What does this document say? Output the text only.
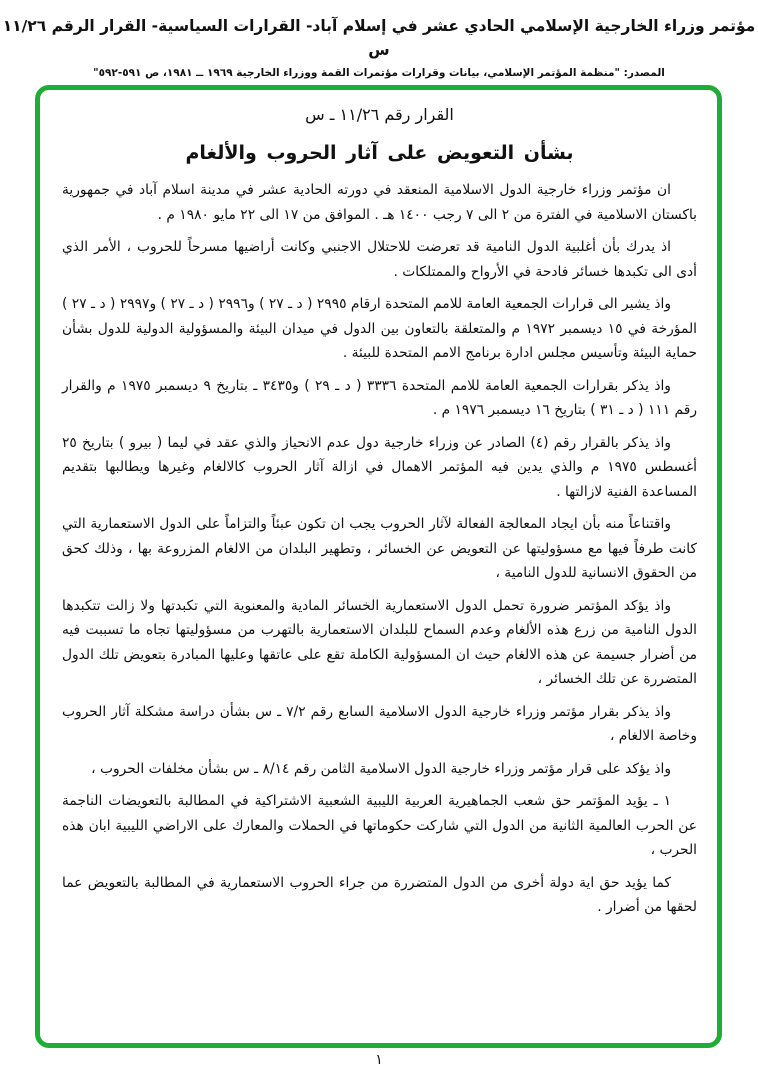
مؤتمر وزراء الخارجية الإسلامي الحادي عشر في إسلام آباد- القرارات السياسية- القرار الرقم ١١/٢٦ س
المصدر: "منظمة المؤتمر الإسلامي، بيانات وقرارات مؤتمرات القمة ووزراء الخارجية ١٩٦٩ ــ ١٩٨١، ص ٥٩١-٥٩٢"
القرار رقم ١١/٢٦ ـ س
بشأن التعويض على آثار الحروب والألغام

ان مؤتمر وزراء خارجية الدول الاسلامية المنعقد في دورته الحادية عشر في مدينة اسلام آباد في جمهورية باكستان الاسلامية في الفترة من ٢ الى ٧ رجب ١٤٠٠ هـ . الموافق من ١٧ الى ٢٢ مايو ١٩٨٠ م .

اذ يدرك بأن أغلبية الدول النامية قد تعرضت للاحتلال الاجنبي وكانت أراضيها مسرحاً للحروب ، الأمر الذي أدى الى تكبدها خسائر فادحة في الأرواح والممتلكات .

واذ يشير الى قرارات الجمعية العامة للامم المتحدة ارقام ٢٩٩٥ ( د ـ ٢٧ ) و٢٩٩٦ ( د ـ ٢٧ ) و٢٩٩٧ ( د ـ ٢٧ ) المؤرخة في ١٥ ديسمبر ١٩٧٢ م والمتعلقة بالتعاون بين الدول في ميدان البيئة والمسؤولية الدولية للدول بشأن حماية البيئة وتأسيس مجلس ادارة برنامج الامم المتحدة للبيئة .

واذ يذكر بقرارات الجمعية العامة للامم المتحدة ٣٣٣٦ ( د ـ ٢٩ ) و٣٤٣٥ ـ بتاريخ ٩ ديسمبر ١٩٧٥ م والقرار رقم ١١١ ( د ـ ٣١ ) بتاريخ ١٦ ديسمبر ١٩٧٦ م .

واذ يذكر بالقرار رقم (٤) الصادر عن وزراء خارجية دول عدم الانحياز والذي عقد في ليما ( بيرو ) بتاريخ ٢٥ أغسطس ١٩٧٥ م والذي يدين فيه المؤتمر الاهمال في ازالة آثار الحروب كالالغام وغيرها ويطالبها بتقديم المساعدة الفنية لازالتها .

واقتناعاً منه بأن ايجاد المعالجة الفعالة لآثار الحروب يجب ان تكون عبئاً والتزاماً على الدول الاستعمارية التي كانت طرفاً فيها مع مسؤوليتها عن التعويض عن الخسائر ، وتطهير البلدان من الالغام المزروعة بها ، وذلك كحق من الحقوق الانسانية للدول النامية ،

واذ يؤكد المؤتمر ضرورة تحمل الدول الاستعمارية الخسائر المادية والمعنوية التي تكبدتها ولا زالت تتكبدها الدول النامية من زرع هذه الألغام وعدم السماح للبلدان الاستعمارية بالتهرب من مسؤوليتها تجاه ما تسببت فيه من أضرار جسيمة عن هذه الالغام حيث ان المسؤولية الكاملة تقع على عاتقها وعليها المبادرة بتعويض تلك الدول المتضررة عن تلك الخسائر ،

واذ يذكر بقرار مؤتمر وزراء خارجية الدول الاسلامية السابع رقم ٧/٢ ـ س بشأن دراسة مشكلة آثار الحروب وخاصة الالغام ،

واذ يؤكد على قرار مؤتمر وزراء خارجية الدول الاسلامية الثامن رقم ٨/١٤ ـ س بشأن مخلفات الحروب ،

١ ـ يؤيد المؤتمر حق شعب الجماهيرية العربية الليبية الشعبية الاشتراكية في المطالبة بالتعويضات الناجمة عن الحرب العالمية الثانية من الدول التي شاركت حكوماتها في الحملات والمعارك على الاراضي الليبية ابان هذه الحرب ،

كما يؤيد حق اية دولة أخرى من الدول المتضررة من جراء الحروب الاستعمارية في المطالبة بالتعويض عما لحقها من أضرار .

١
